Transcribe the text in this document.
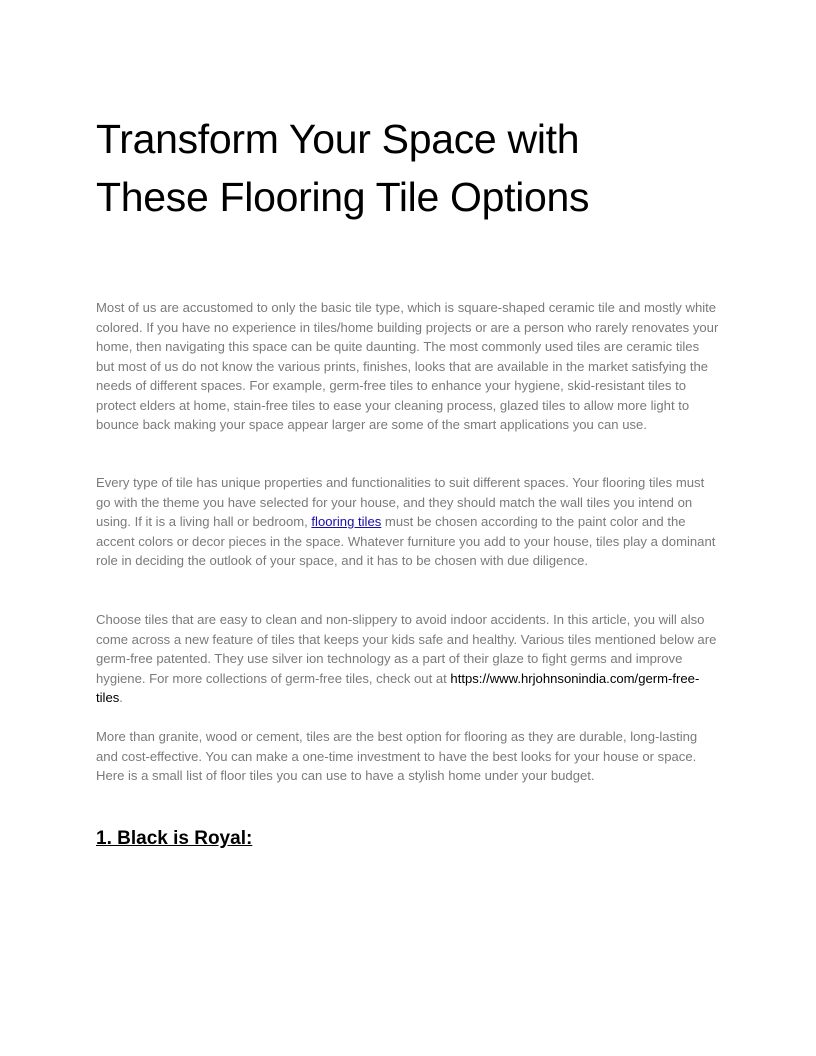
Transform Your Space with
These Flooring Tile Options

Most of us are accustomed to only the basic tile type, which is square-shaped ceramic tile and mostly white colored. If you have no experience in tiles/home building projects or are a person who rarely renovates your home, then navigating this space can be quite daunting. The most commonly used tiles are ceramic tiles but most of us do not know the various prints, finishes, looks that are available in the market satisfying the needs of different spaces. For example, germ-free tiles to enhance your hygiene, skid-resistant tiles to protect elders at home, stain-free tiles to ease your cleaning process, glazed tiles to allow more light to bounce back making your space appear larger are some of the smart applications you can use.

Every type of tile has unique properties and functionalities to suit different spaces. Your flooring tiles must go with the theme you have selected for your house, and they should match the wall tiles you intend on using. If it is a living hall or bedroom, flooring tiles must be chosen according to the paint color and the accent colors or decor pieces in the space. Whatever furniture you add to your house, tiles play a dominant role in deciding the outlook of your space, and it has to be chosen with due diligence.

Choose tiles that are easy to clean and non-slippery to avoid indoor accidents. In this article, you will also come across a new feature of tiles that keeps your kids safe and healthy. Various tiles mentioned below are germ-free patented. They use silver ion technology as a part of their glaze to fight germs and improve hygiene. For more collections of germ-free tiles, check out at https://www.hrjohnsonindia.com/germ-free-tiles.

More than granite, wood or cement, tiles are the best option for flooring as they are durable, long-lasting and cost-effective. You can make a one-time investment to have the best looks for your house or space. Here is a small list of floor tiles you can use to have a stylish home under your budget.

1. Black is Royal:
